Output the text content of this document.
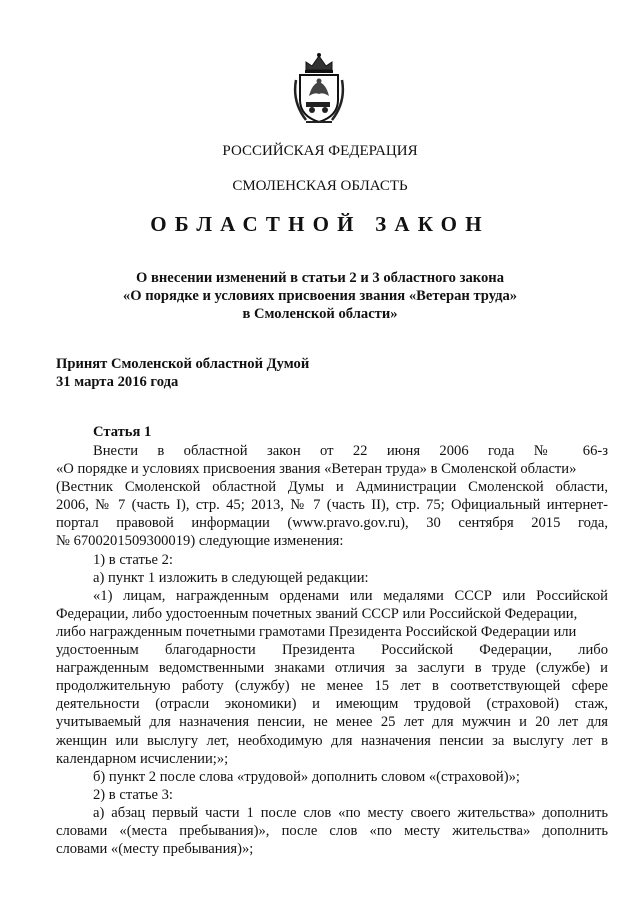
РОССИЙСКАЯ ФЕДЕРАЦИЯ
СМОЛЕНСКАЯ ОБЛАСТЬ
ОБЛАСТНОЙ ЗАКОН
О внесении изменений в статьи 2 и 3 областного закона
«О порядке и условиях присвоения звания «Ветеран труда»
в Смоленской области»
Принят Смоленской областной Думой
31 марта 2016 года
Статья 1
Внести в областной закон от 22 июня 2006 года № 66-з
«О порядке и условиях присвоения звания «Ветеран труда» в Смоленской области»
(Вестник Смоленской областной Думы и Администрации Смоленской области,
2006, № 7 (часть I), стр. 45; 2013, № 7 (часть II), стр. 75; Официальный интернет-
портал правовой информации (www.pravo.gov.ru), 30 сентября 2015 года,
№ 6700201509300019) следующие изменения:
1) в статье 2:
а) пункт 1 изложить в следующей редакции:
«1) лицам, награжденным орденами или медалями СССР или Российской
Федерации, либо удостоенным почетных званий СССР или Российской Федерации,
либо награжденным почетными грамотами Президента Российской Федерации или
удостоенным благодарности Президента Российской Федерации, либо
награжденным ведомственными знаками отличия за заслуги в труде (службе) и
продолжительную работу (службу) не менее 15 лет в соответствующей сфере
деятельности (отрасли экономики) и имеющим трудовой (страховой) стаж,
учитываемый для назначения пенсии, не менее 25 лет для мужчин и 20 лет для
женщин или выслугу лет, необходимую для назначения пенсии за выслугу лет в
календарном исчислении;»;
б) пункт 2 после слова «трудовой» дополнить словом «(страховой)»;
2) в статье 3:
а) абзац первый части 1 после слов «по месту своего жительства» дополнить
словами «(места пребывания)», после слов «по месту жительства» дополнить
словами «(месту пребывания)»;
